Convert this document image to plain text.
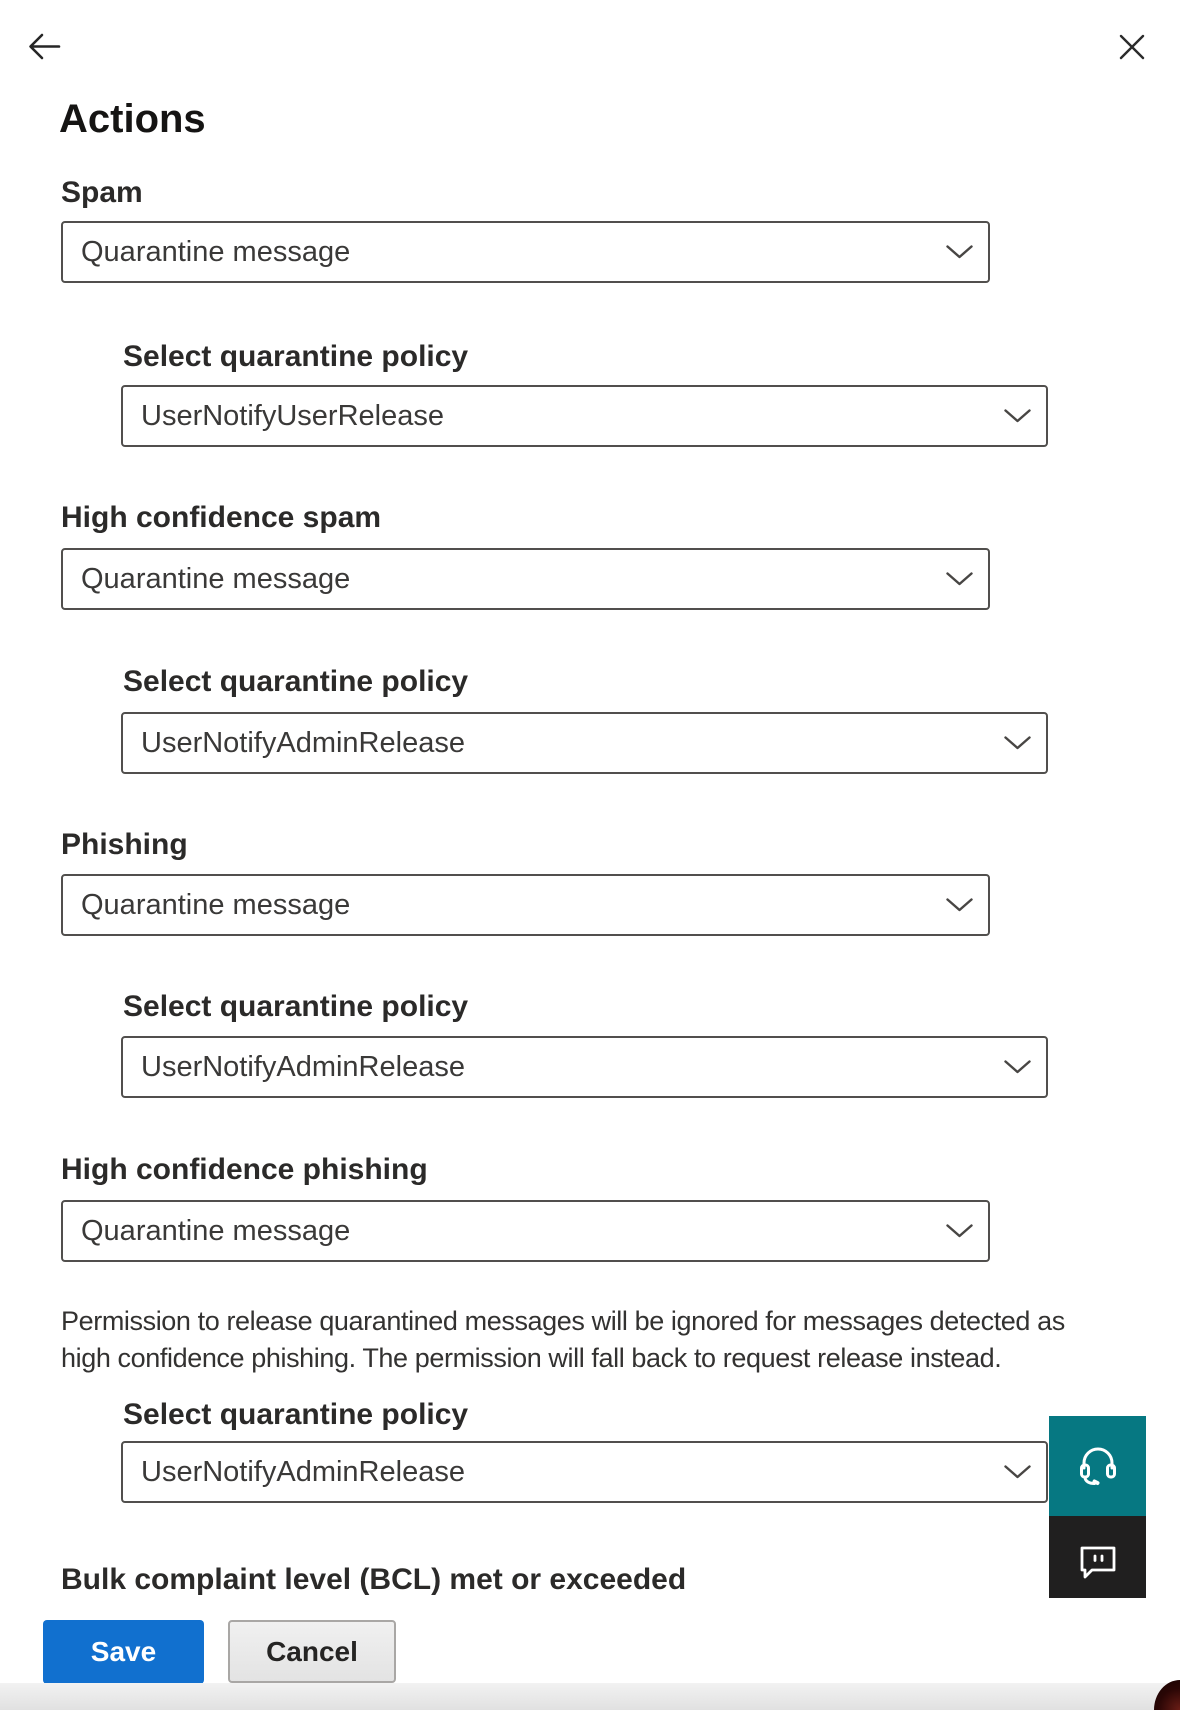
Actions
Spam
Quarantine message
Select quarantine policy
UserNotifyUserRelease
High confidence spam
Quarantine message
Select quarantine policy
UserNotifyAdminRelease
Phishing
Quarantine message
Select quarantine policy
UserNotifyAdminRelease
High confidence phishing
Quarantine message
Permission to release quarantined messages will be ignored for messages detected as
high confidence phishing. The permission will fall back to request release instead.
Select quarantine policy
UserNotifyAdminRelease
Bulk complaint level (BCL) met or exceeded
Save	Cancel
